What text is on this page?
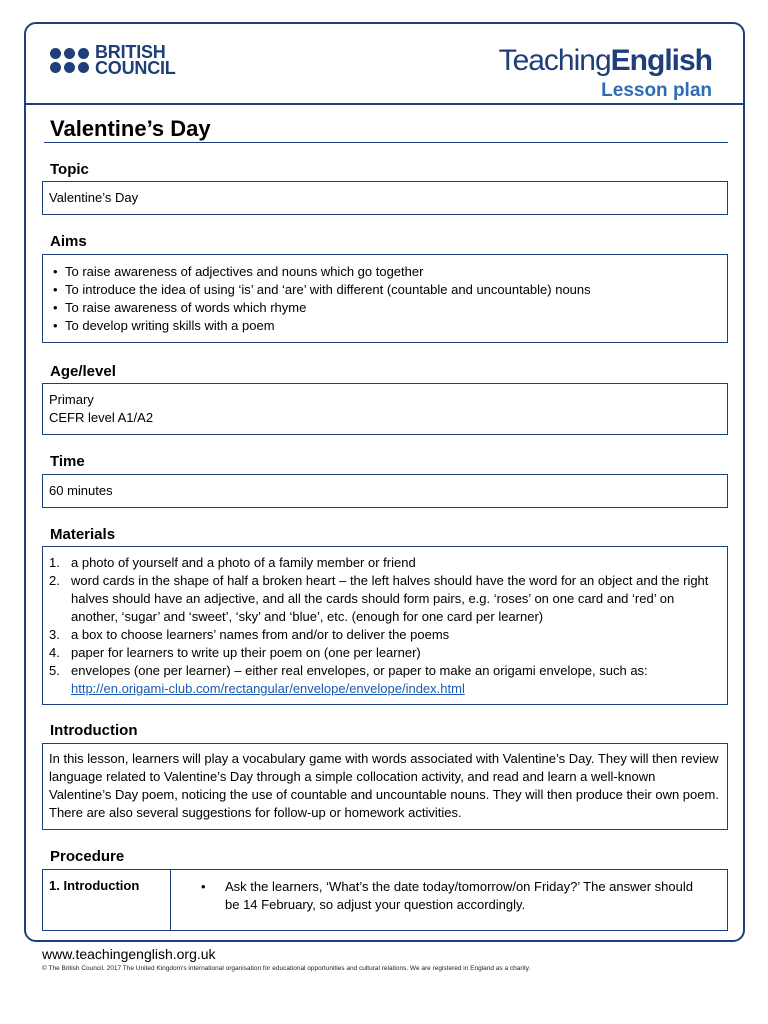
BRITISH
COUNCIL	TeachingEnglish
Lesson plan
Valentine’s Day
Topic
Valentine’s Day
Aims
• To raise awareness of adjectives and nouns which go together
• To introduce the idea of using ‘is’ and ‘are’ with different (countable and uncountable) nouns
• To raise awareness of words which rhyme
• To develop writing skills with a poem
Age/level
Primary
CEFR level A1/A2
Time
60 minutes
Materials
1. a photo of yourself and a photo of a family member or friend
2. word cards in the shape of half a broken heart – the left halves should have the word for an object and the right halves should have an adjective, and all the cards should form pairs, e.g. ‘roses’ on one card and ‘red’ on another, ‘sugar’ and ‘sweet’, ‘sky’ and ‘blue’, etc. (enough for one card per learner)
3. a box to choose learners’ names from and/or to deliver the poems
4. paper for learners to write up their poem on (one per learner)
5. envelopes (one per learner) – either real envelopes, or paper to make an origami envelope, such as:
http://en.origami-club.com/rectangular/envelope/envelope/index.html
Introduction
In this lesson, learners will play a vocabulary game with words associated with Valentine’s Day. They will then review language related to Valentine’s Day through a simple collocation activity, and read and learn a well-known Valentine’s Day poem, noticing the use of countable and uncountable nouns. They will then produce their own poem. There are also several suggestions for follow-up or homework activities.
Procedure
1. Introduction	•	Ask the learners, ‘What’s the date today/tomorrow/on Friday?’ The answer should be 14 February, so adjust your question accordingly.
www.teachingenglish.org.uk
© The British Council, 2017 The United Kingdom’s international organisation for educational opportunities and cultural relations. We are registered in England as a charity.
